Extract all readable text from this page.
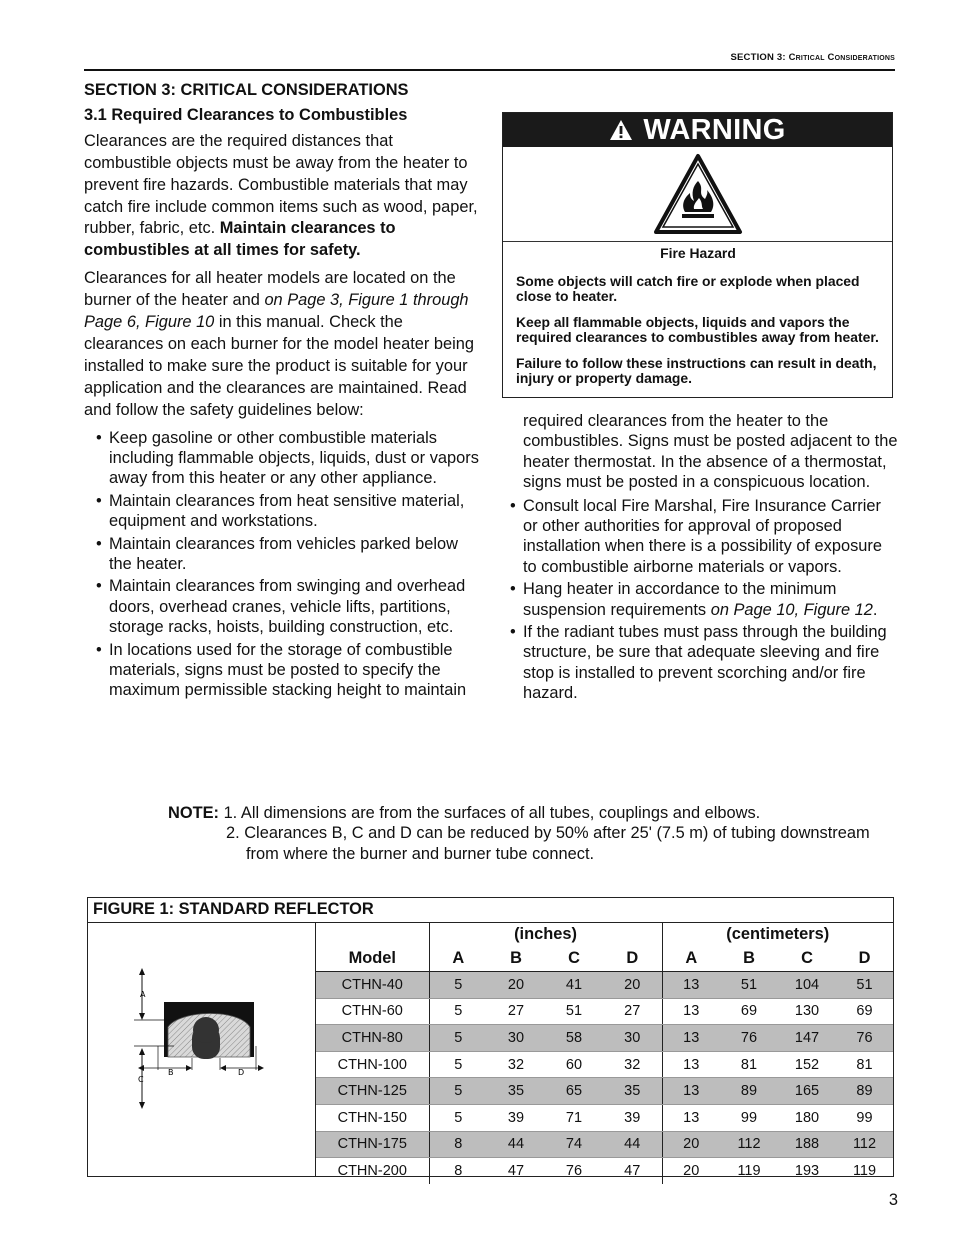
SECTION 3: Critical Considerations
SECTION 3: CRITICAL CONSIDERATIONS
3.1 Required Clearances to Combustibles

Clearances are the required distances that combustible objects must be away from the heater to prevent fire hazards. Combustible materials that may catch fire include common items such as wood, paper, rubber, fabric, etc. Maintain clearances to combustibles at all times for safety.

Clearances for all heater models are located on the burner of the heater and on Page 3, Figure 1 through Page 6, Figure 10 in this manual. Check the clearances on each burner for the model heater being installed to make sure the product is suitable for your application and the clearances are maintained. Read and follow the safety guidelines below:

• Keep gasoline or other combustible materials including flammable objects, liquids, dust or vapors away from this heater or any other appliance.
• Maintain clearances from heat sensitive material, equipment and workstations.
• Maintain clearances from vehicles parked below the heater.
• Maintain clearances from swinging and overhead doors, overhead cranes, vehicle lifts, partitions, storage racks, hoists, building construction, etc.
• In locations used for the storage of combustible materials, signs must be posted to specify the maximum permissible stacking height to maintain
WARNING
Fire Hazard

Some objects will catch fire or explode when placed close to heater.

Keep all flammable objects, liquids and vapors the required clearances to combustibles away from heater.

Failure to follow these instructions can result in death, injury or property damage.

required clearances from the heater to the combustibles. Signs must be posted adjacent to the heater thermostat. In the absence of a thermostat, signs must be posted in a conspicuous location.

• Consult local Fire Marshal, Fire Insurance Carrier or other authorities for approval of proposed installation when there is a possibility of exposure to combustible airborne materials or vapors.
• Hang heater in accordance to the minimum suspension requirements on Page 10, Figure 12.
• If the radiant tubes must pass through the building structure, be sure that adequate sleeving and fire stop is installed to prevent scorching and/or fire hazard.

NOTE: 1. All dimensions are from the surfaces of all tubes, couplings and elbows.

2. Clearances B, C and D can be reduced by 50% after 25' (7.5 m) of tubing downstream

from where the burner and burner tube connect.

FIGURE 1: STANDARD REFLECTOR
A
B
C
D
	(inches)				(centimeters)			
Model	A	B	C	D	A	B	C	D
CTHN-40	5	20	41	20	13	51	104	51
CTHN-60	5	27	51	27	13	69	130	69
CTHN-80	5	30	58	30	13	76	147	76
CTHN-100	5	32	60	32	13	81	152	81
CTHN-125	5	35	65	35	13	89	165	89
CTHN-150	5	39	71	39	13	99	180	99
CTHN-175	8	44	74	44	20	112	188	112
CTHN-200	8	47	76	47	20	119	193	119
3
